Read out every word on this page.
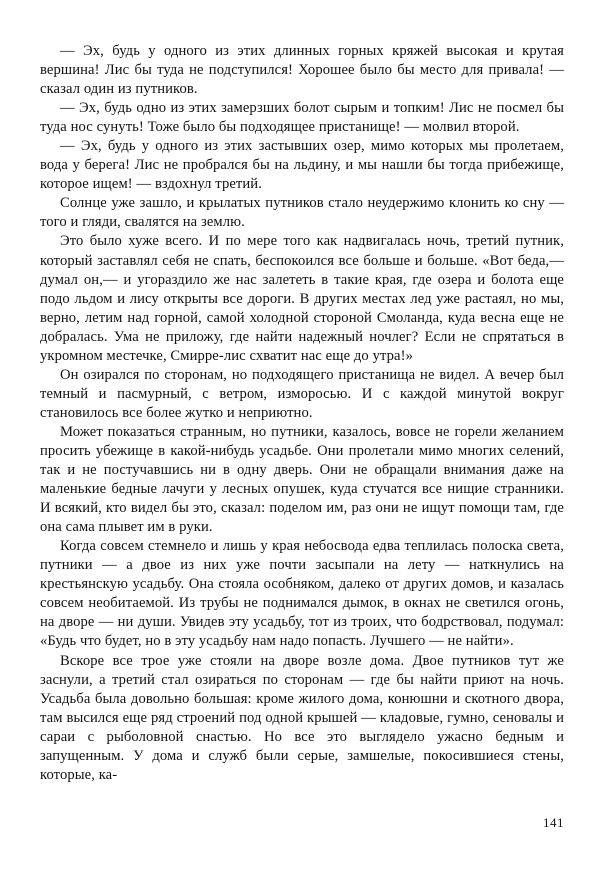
— Эх, будь у одного из этих длинных горных кряжей высокая и крутая вершина! Лис бы туда не подступился! Хорошее было бы место для привала! — сказал один из путников.

— Эх, будь одно из этих замерзших болот сырым и топким! Лис не посмел бы туда нос сунуть! Тоже было бы подходящее пристанище! — молвил второй.

— Эх, будь у одного из этих застывших озер, мимо которых мы пролетаем, вода у берега! Лис не пробрался бы на льдину, и мы нашли бы тогда прибежище, которое ищем! — вздохнул третий.

Солнце уже зашло, и крылатых путников стало неудержимо клонить ко сну — того и гляди, свалятся на землю.

Это было хуже всего. И по мере того как надвигалась ночь, третий путник, который заставлял себя не спать, беспокоился все больше и больше. «Вот беда,— думал он,— и угораздило же нас залететь в такие края, где озера и болота еще подо льдом и лису открыты все дороги. В других местах лед уже растаял, но мы, верно, летим над горной, самой холодной стороной Смоланда, куда весна еще не добралась. Ума не приложу, где найти надежный ночлег? Если не спрятаться в укромном местечке, Смирре-лис схватит нас еще до утра!»

Он озирался по сторонам, но подходящего пристанища не видел. А вечер был темный и пасмурный, с ветром, изморосью. И с каждой минутой вокруг становилось все более жутко и неприютно.

Может показаться странным, но путники, казалось, вовсе не горели желанием просить убежище в какой-нибудь усадьбе. Они пролетали мимо многих селений, так и не постучавшись ни в одну дверь. Они не обращали внимания даже на маленькие бедные лачуги у лесных опушек, куда стучатся все нищие странники. И всякий, кто видел бы это, сказал: поделом им, раз они не ищут помощи там, где она сама плывет им в руки.

Когда совсем стемнело и лишь у края небосвода едва теплилась полоска света, путники — а двое из них уже почти засыпали на лету — наткнулись на крестьянскую усадьбу. Она стояла особняком, далеко от других домов, и казалась совсем необитаемой. Из трубы не поднимался дымок, в окнах не светился огонь, на дворе — ни души. Увидев эту усадьбу, тот из троих, что бодрствовал, подумал: «Будь что будет, но в эту усадьбу нам надо попасть. Лучшего — не найти».

Вскоре все трое уже стояли на дворе возле дома. Двое путников тут же заснули, а третий стал озираться по сторонам — где бы найти приют на ночь. Усадьба была довольно большая: кроме жилого дома, конюшни и скотного двора, там высился еще ряд строений под одной крышей — кладовые, гумно, сеновалы и сараи с рыболовной снастью. Но все это выглядело ужасно бедным и запущенным. У дома и служб были серые, замшелые, покосившиеся стены, которые, ка-

141
